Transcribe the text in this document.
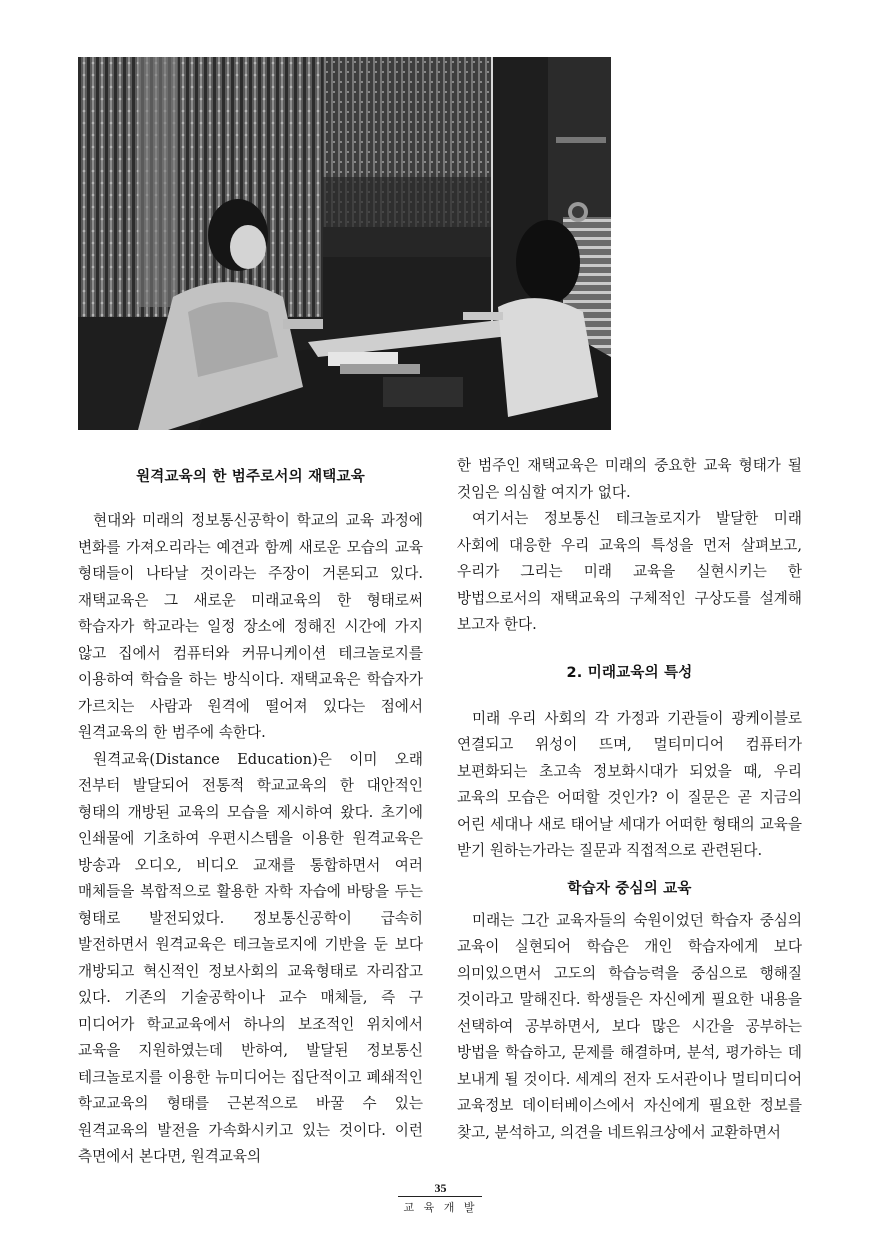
원격교육의 한 범주로서의 재택교육

현대와 미래의 정보통신공학이 학교의 교육 과정에 변화를 가져오리라는 예견과 함께 새로운 모습의 교육 형태들이 나타날 것이라는 주장이 거론되고 있다. 재택교육은 그 새로운 미래교육의 한 형태로써 학습자가 학교라는 일정 장소에 정해진 시간에 가지 않고 집에서 컴퓨터와 커뮤니케이션 테크놀로지를 이용하여 학습을 하는 방식이다. 재택교육은 학습자가 가르치는 사람과 원격에 떨어져 있다는 점에서 원격교육의 한 범주에 속한다.

원격교육(Distance Education)은 이미 오래 전부터 발달되어 전통적 학교교육의 한 대안적인 형태의 개방된 교육의 모습을 제시하여 왔다. 초기에 인쇄물에 기초하여 우편시스템을 이용한 원격교육은 방송과 오디오, 비디오 교재를 통합하면서 여러 매체들을 복합적으로 활용한 자학 자습에 바탕을 두는 형태로 발전되었다. 정보통신공학이 급속히 발전하면서 원격교육은 테크놀로지에 기반을 둔 보다 개방되고 혁신적인 정보사회의 교육형태로 자리잡고 있다. 기존의 기술공학이나 교수 매체들, 즉 구 미디어가 학교교육에서 하나의 보조적인 위치에서 교육을 지원하였는데 반하여, 발달된 정보통신 테크놀로지를 이용한 뉴미디어는 집단적이고 폐쇄적인 학교교육의 형태를 근본적으로 바꿀 수 있는 원격교육의 발전을 가속화시키고 있는 것이다. 이런 측면에서 본다면, 원격교육의

한 범주인 재택교육은 미래의 중요한 교육 형태가 될 것임은 의심할 여지가 없다.

여기서는 정보통신 테크놀로지가 발달한 미래 사회에 대응한 우리 교육의 특성을 먼저 살펴보고, 우리가 그리는 미래 교육을 실현시키는 한 방법으로서의 재택교육의 구체적인 구상도를 설계해 보고자 한다.

2. 미래교육의 특성

미래 우리 사회의 각 가정과 기관들이 광케이블로 연결되고 위성이 뜨며, 멀티미디어 컴퓨터가 보편화되는 초고속 정보화시대가 되었을 때, 우리 교육의 모습은 어떠할 것인가? 이 질문은 곧 지금의 어린 세대나 새로 태어날 세대가 어떠한 형태의 교육을 받기 원하는가라는 질문과 직접적으로 관련된다.

학습자 중심의 교육

미래는 그간 교육자들의 숙원이었던 학습자 중심의 교육이 실현되어 학습은 개인 학습자에게 보다 의미있으면서 고도의 학습능력을 중심으로 행해질 것이라고 말해진다. 학생들은 자신에게 필요한 내용을 선택하여 공부하면서, 보다 많은 시간을 공부하는 방법을 학습하고, 문제를 해결하며, 분석, 평가하는 데 보내게 될 것이다. 세계의 전자 도서관이나 멀티미디어 교육정보 데이터베이스에서 자신에게 필요한 정보를 찾고, 분석하고, 의견을 네트워크상에서 교환하면서

35
교 육 개 발
